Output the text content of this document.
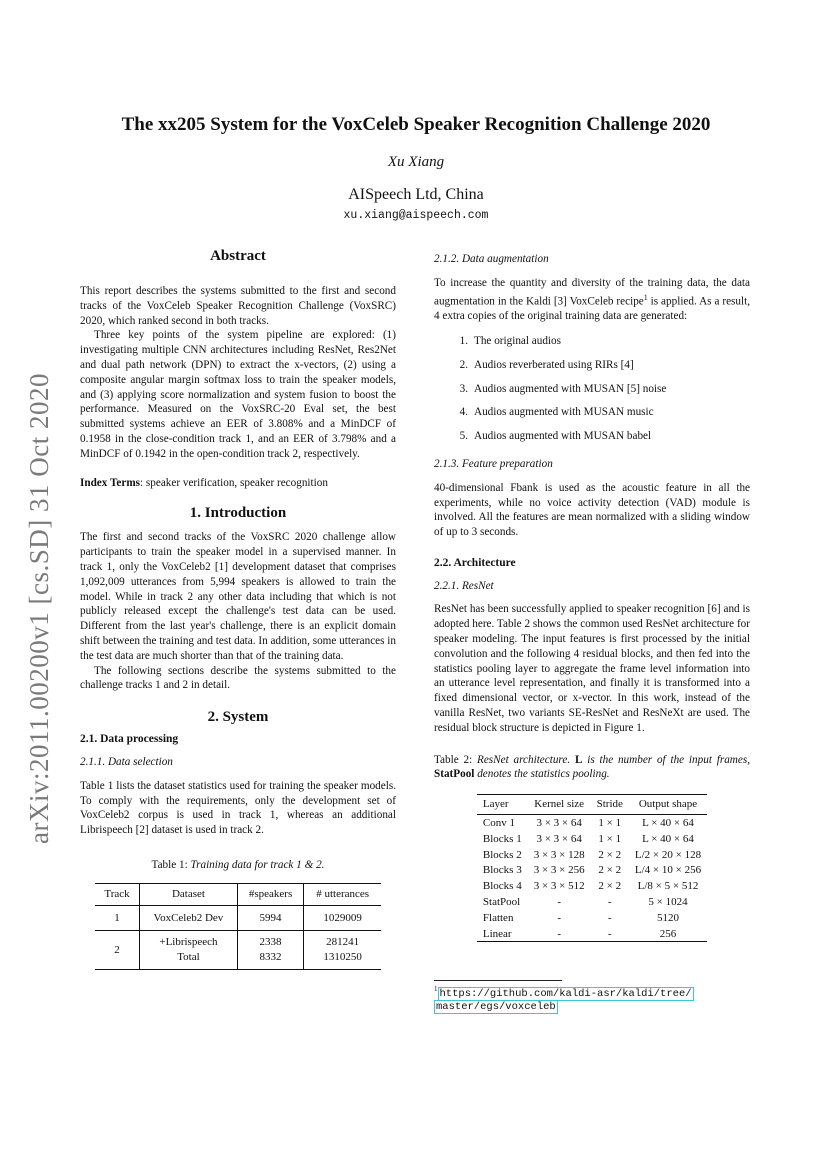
arXiv:2011.00200v1 [cs.SD] 31 Oct 2020
The xx205 System for the VoxCeleb Speaker Recognition Challenge 2020
Xu Xiang
AISpeech Ltd, China
xu.xiang@aispeech.com
Abstract

This report describes the systems submitted to the first and second tracks of the VoxCeleb Speaker Recognition Challenge (VoxSRC) 2020, which ranked second in both tracks.

Three key points of the system pipeline are explored: (1) investigating multiple CNN architectures including ResNet, Res2Net and dual path network (DPN) to extract the x-vectors, (2) using a composite angular margin softmax loss to train the speaker models, and (3) applying score normalization and system fusion to boost the performance. Measured on the VoxSRC-20 Eval set, the best submitted systems achieve an EER of 3.808% and a MinDCF of 0.1958 in the close-condition track 1, and an EER of 3.798% and a MinDCF of 0.1942 in the open-condition track 2, respectively.

Index Terms: speaker verification, speaker recognition

1. Introduction

The first and second tracks of the VoxSRC 2020 challenge allow participants to train the speaker model in a supervised manner. In track 1, only the VoxCeleb2 [1] development dataset that comprises 1,092,009 utterances from 5,994 speakers is allowed to train the model. While in track 2 any other data including that which is not publicly released except the challenge's test data can be used. Different from the last year's challenge, there is an explicit domain shift between the training and test data. In addition, some utterances in the test data are much shorter than that of the training data.

The following sections describe the systems submitted to the challenge tracks 1 and 2 in detail.

2. System
2.1. Data processing
2.1.1. Data selection

Table 1 lists the dataset statistics used for training the speaker models. To comply with the requirements, only the development set of VoxCeleb2 corpus is used in track 1, whereas an additional Librispeech [2] dataset is used in track 2.

Table 1: Training data for track 1 & 2.
Track	Dataset	#speakers	# utterances
1	VoxCeleb2 Dev	5994	1029009
2	+Librispeech	2338	281241
	Total	8332	1310250
2.1.2. Data augmentation

To increase the quantity and diversity of the training data, the data augmentation in the Kaldi [3] VoxCeleb recipe$^1$ is applied. As a result, 4 extra copies of the original training data are generated:

1. The original audios
2. Audios reverberated using RIRs [4]
3. Audios augmented with MUSAN [5] noise
4. Audios augmented with MUSAN music
5. Audios augmented with MUSAN babel
2.1.3. Feature preparation

40-dimensional Fbank is used as the acoustic feature in all the experiments, while no voice activity detection (VAD) module is involved. All the features are mean normalized with a sliding window of up to 3 seconds.

2.2. Architecture
2.2.1. ResNet

ResNet has been successfully applied to speaker recognition [6] and is adopted here. Table 2 shows the common used ResNet architecture for speaker modeling. The input features is first processed by the initial convolution and the following 4 residual blocks, and then fed into the statistics pooling layer to aggregate the frame level information into an utterance level representation, and finally it is transformed into a fixed dimensional vector, or x-vector. In this work, instead of the vanilla ResNet, two variants SE-ResNet and ResNeXt are used. The residual block structure is depicted in Figure 1.

Table 2: ResNet architecture. L is the number of the input frames, StatPool denotes the statistics pooling.

Layer	Kernel size	Stride	Output shape
Conv 1	3 × 3 × 64	1 × 1	L × 40 × 64
Blocks 1	3 × 3 × 64	1 × 1	L × 40 × 64
Blocks 2	3 × 3 × 128	2 × 2	L/2 × 20 × 128
Blocks 3	3 × 3 × 256	2 × 2	L/4 × 10 × 256
Blocks 4	3 × 3 × 512	2 × 2	L/8 × 5 × 512
StatPool	-	-	5 × 1024
Flatten	-	-	5120
Linear	-	-	256
$^1$ https://github.com/kaldi-asr/kaldi/tree/
master/egs/voxceleb
